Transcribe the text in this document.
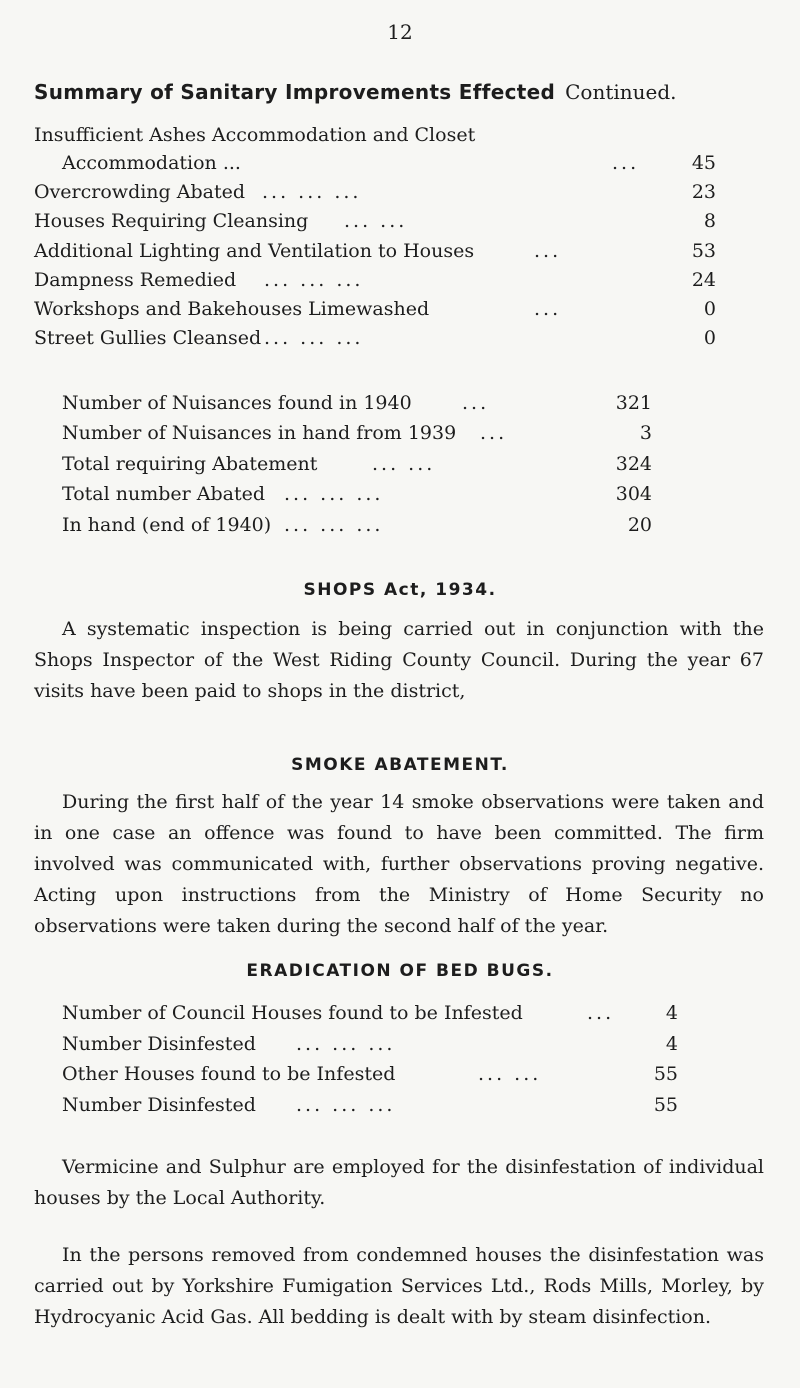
12
Summary of Sanitary Improvements Effected Continued.
Insufficient Ashes Accommodation and Closet
Accommodation ...	...	45
Overcrowding Abated ... ... ...	23
Houses Requiring Cleansing ... ...	8
Additional Lighting and Ventilation to Houses	...	53
Dampness Remedied ... ... ...	24
Workshops and Bakehouses Limewashed	...	0
Street Gullies Cleansed ... ... ...	0
Number of Nuisances found in 1940	...	321
Number of Nuisances in hand from 1939 ...	3
Total requiring Abatement	... ...	324
Total number Abated ... ... ...	304
In hand (end of 1940) ... ... ...	20
SHOPS Act, 1934.
A systematic inspection is being carried out in conjunction with the Shops Inspector of the West Riding County Council. During the year 67 visits have been paid to shops in the district,
SMOKE ABATEMENT.
During the first half of the year 14 smoke observations were taken and in one case an offence was found to have been committed. The firm involved was communicated with, further observations proving negative. Acting upon instructions from the Ministry of Home Security no observations were taken during the second half of the year.
ERADICATION OF BED BUGS.
Number of Council Houses found to be Infested	...	4
Number Disinfested ... ... ...	4
Other Houses found to be Infested	... ...	55
Number Disinfested ... ... ...	55
Vermicine and Sulphur are employed for the disinfestation of individual houses by the Local Authority.
In the persons removed from condemned houses the disinfestation was carried out by Yorkshire Fumigation Services Ltd., Rods Mills, Morley, by Hydrocyanic Acid Gas. All bedding is dealt with by steam disinfection.
